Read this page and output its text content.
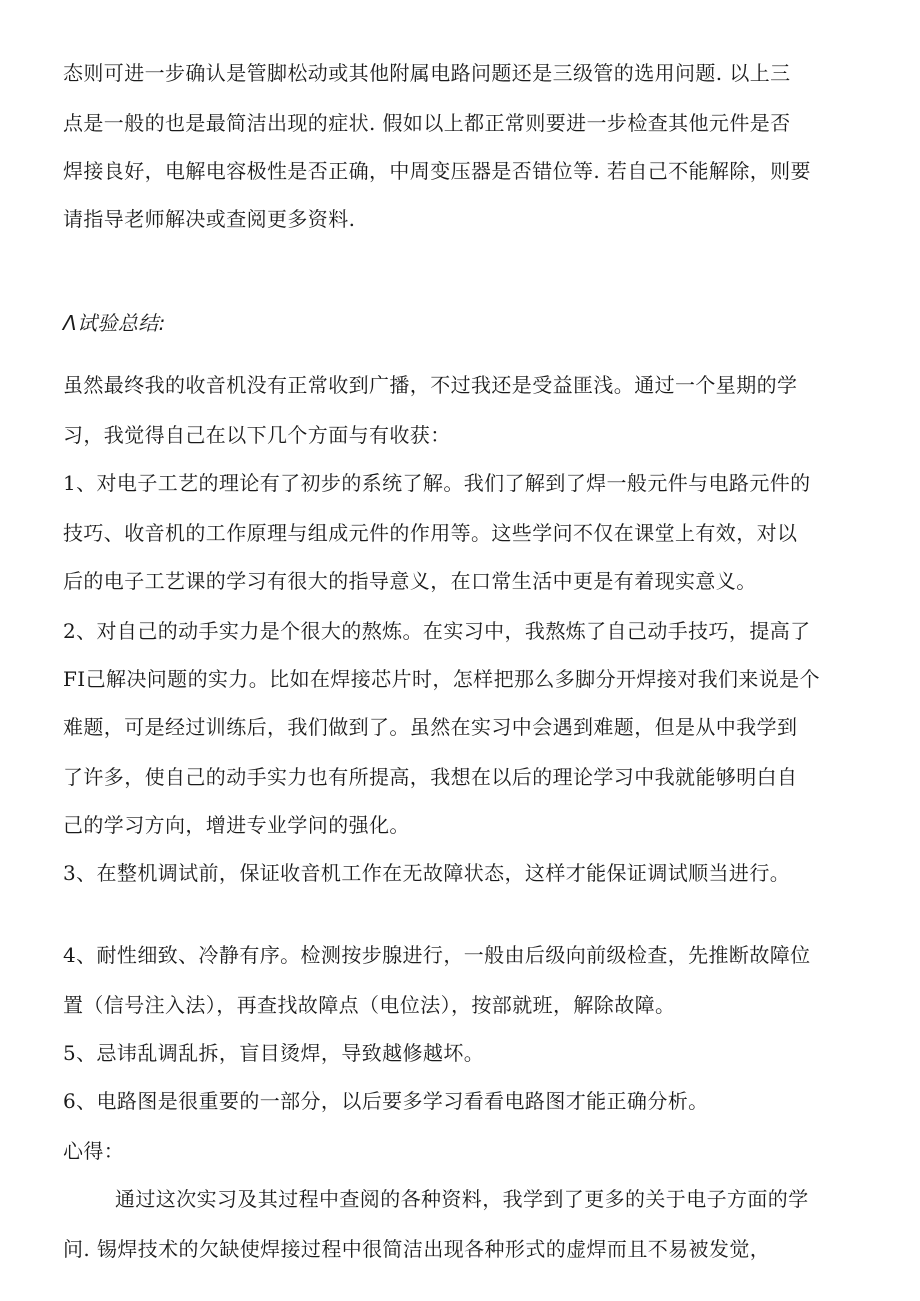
态则可进一步确认是管脚松动或其他附属电路问题还是三级管的选用问题. 以上三
点是一般的也是最简洁出现的症状. 假如以上都正常则要进一步检查其他元件是否
焊接良好，电解电容极性是否正确，中周变压器是否错位等. 若自己不能解除，则要
请指导老师解决或查阅更多资料.
Λ试验总结:
虽然最终我的收音机没有正常收到广播，不过我还是受益匪浅。通过一个星期的学
习，我觉得自己在以下几个方面与有收获：
1、对电子工艺的理论有了初步的系统了解。我们了解到了焊一般元件与电路元件的
技巧、收音机的工作原理与组成元件的作用等。这些学问不仅在课堂上有效，对以
后的电子工艺课的学习有很大的指导意义，在口常生活中更是有着现实意义。
2、对自己的动手实力是个很大的熬炼。在实习中，我熬炼了自己动手技巧，提高了
FI己解决问题的实力。比如在焊接芯片时，怎样把那么多脚分开焊接对我们来说是个
难题，可是经过训练后，我们做到了。虽然在实习中会遇到难题，但是从中我学到
了许多，使自己的动手实力也有所提高，我想在以后的理论学习中我就能够明白自
己的学习方向，增进专业学问的强化。
3、在整机调试前，保证收音机工作在无故障状态，这样才能保证调试顺当进行。
4、耐性细致、冷静有序。检测按步腺进行，一般由后级向前级检查，先推断故障位
置（信号注入法），再查找故障点（电位法），按部就班，解除故障。
5、忌讳乱调乱拆，盲目烫焊，导致越修越坏。
6、电路图是很重要的一部分，以后要多学习看看电路图才能正确分析。
心得：
通过这次实习及其过程中查阅的各种资料，我学到了更多的关于电子方面的学
问. 锡焊技术的欠缺使焊接过程中很简洁出现各种形式的虚焊而且不易被发觉，
